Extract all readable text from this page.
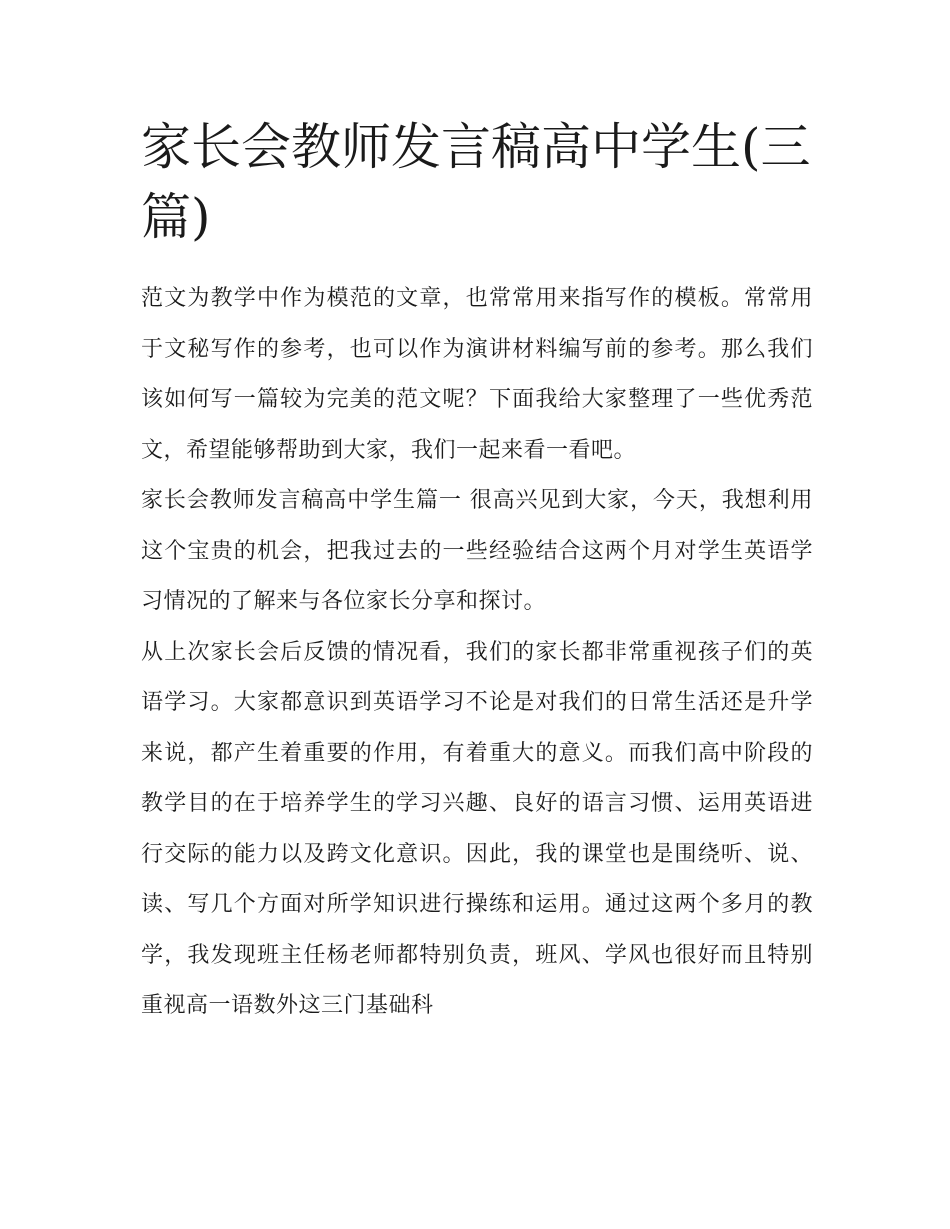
家长会教师发言稿高中学生(三篇)

范文为教学中作为模范的文章，也常常用来指写作的模板。常常用于文秘写作的参考，也可以作为演讲材料编写前的参考。那么我们该如何写一篇较为完美的范文呢？下面我给大家整理了一些优秀范文，希望能够帮助到大家，我们一起来看一看吧。

家长会教师发言稿高中学生篇一 很高兴见到大家，今天，我想利用这个宝贵的机会，把我过去的一些经验结合这两个月对学生英语学习情况的了解来与各位家长分享和探讨。

从上次家长会后反馈的情况看，我们的家长都非常重视孩子们的英语学习。大家都意识到英语学习不论是对我们的日常生活还是升学来说，都产生着重要的作用，有着重大的意义。而我们高中阶段的教学目的在于培养学生的学习兴趣、良好的语言习惯、运用英语进行交际的能力以及跨文化意识。因此，我的课堂也是围绕听、说、读、写几个方面对所学知识进行操练和运用。通过这两个多月的教学，我发现班主任杨老师都特别负责，班风、学风也很好而且特别重视高一语数外这三门基础科
